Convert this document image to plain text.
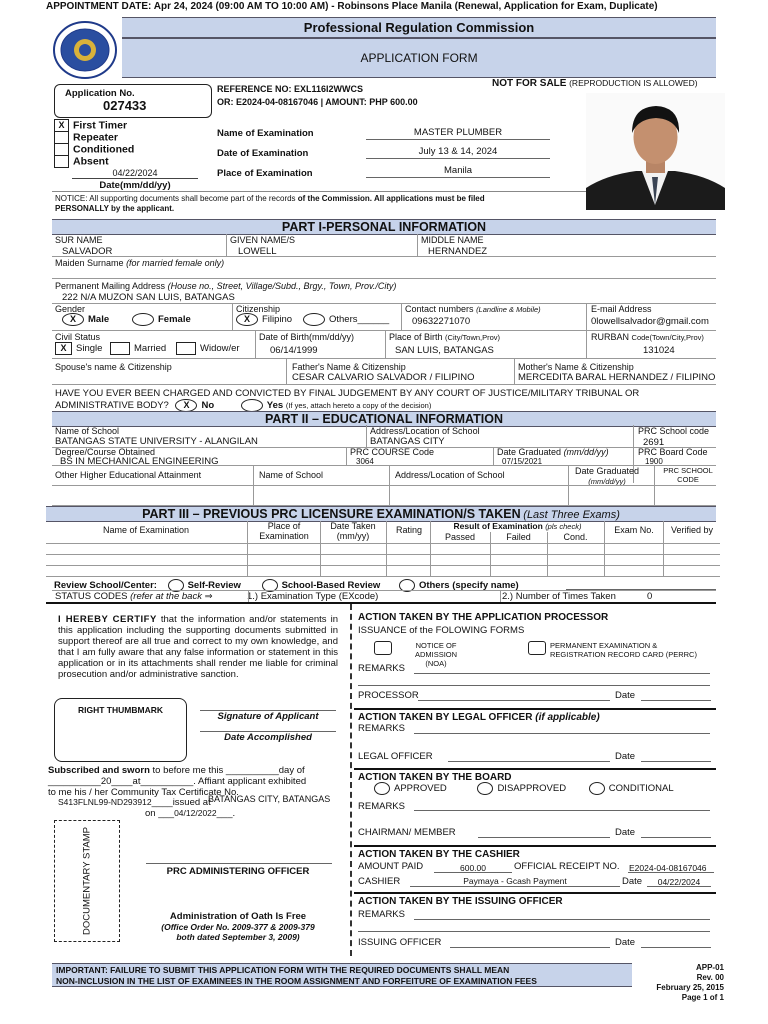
APPOINTMENT DATE: Apr 24, 2024 (09:00 AM TO 10:00 AM) - Robinsons Place Manila (Renewal, Application for Exam, Duplicate)
Professional Regulation Commission
APPLICATION FORM
Application No.
027433
REFERENCE NO: EXL116I2WWCS
OR: E2024-04-08167046 | AMOUNT: PHP 600.00
NOT FOR SALE (REPRODUCTION IS ALLOWED)
X First Timer
Repeater
Conditioned
Absent
04/22/2024
Date(mm/dd/yy)
Name of Examination	MASTER PLUMBER
Date of Examination	July 13 & 14, 2024
Place of Examination	Manila
NOTICE: All supporting documents shall become part of the records of the Commission. All applications must be filed
PERSONALLY by the applicant.
PART I-PERSONAL INFORMATION
SUR NAME
SALVADOR
GIVEN NAME/S
LOWELL
MIDDLE NAME
HERNANDEZ
Maiden Surname (for married female only)
Permanent Mailing Address (House no., Street, Village/Subd., Brgy., Town, Prov./City)
222 N/A MUZON SAN LUIS, BATANGAS
Gender
X Male	Female
Citizenship
X Filipino	Others______
Contact numbers (Landline & Mobile)
09632271070
E-mail Address
0lowellsalvador@gmail.com
Civil Status
X Single	Married	Widow/er
Date of Birth(mm/dd/yy)
06/14/1999
Place of Birth (City/Town,Prov)
SAN LUIS, BATANGAS
RURBAN Code(Town/City,Prov)
131024
Spouse's name & Citizenship	Father's Name & Citizenship
CESAR CALVARIO SALVADOR / FILIPINO
Mother's Name & Citizenship
MERCEDITA BARAL HERNANDEZ / FILIPINO
HAVE YOU EVER BEEN CHARGED AND CONVICTED BY FINAL JUDGEMENT BY ANY COURT OF JUSTICE/MILITARY TRIBUNAL OR
ADMINISTRATIVE BODY? X No	Yes (If yes, attach hereto a copy of the decision)
PART II – EDUCATIONAL INFORMATION
Name of School
BATANGAS STATE UNIVERSITY - ALANGILAN
Address/Location of School
BATANGAS CITY
PRC School code
2691
Degree/Course Obtained
BS IN MECHANICAL ENGINEERING
PRC COURSE Code
3064
Date Graduated (mm/dd/yy)
07/15/2021
PRC Board Code
1900
Other Higher Educational Attainment	Name of School	Address/Location of School	Date Graduated
(mm/dd/yy)
PRC SCHOOL CODE
PART III – PREVIOUS PRC LICENSURE EXAMINATION/S TAKEN (Last Three Exams)
Name of Examination	Place of Examination
Date Taken (mm/yy)
Rating	Result of Examination (pls check)
Passed	Failed	Cond.
Exam No.	Verified by
Review School/Center:	Self-Review	School-Based Review	Others (specify name)
STATUS CODES (refer at the back ⇒	1.) Examination Type (EXcode)	2.) Number of Times Taken	0
I HEREBY CERTIFY that the information and/or statements in this application including the supporting documents submitted in support thereof are all true and correct to my own knowledge, and that I am fully aware that any false information or statement in this application or in its attachments shall render me liable for criminal prosecution and/or administrative sanction.
RIGHT THUMBMARK
Signature of Applicant
Date Accomplished
Subscribed and sworn to before me this __________day of
__________20____at__________. Affiant applicant exhibited
to me his / her Community Tax Certificate No.
S413FLNL99-ND293912____issued at
BATANGAS CITY, BATANGAS
on ___04/12/2022___.
DOCUMENTARY STAMP	PRC ADMINISTERING OFFICER
Administration of Oath Is Free
(Office Order No. 2009-377 & 2009-379
both dated September 3, 2009)
ACTION TAKEN BY THE APPLICATION PROCESSOR
ISSUANCE of the FOLOWING FORMS
NOTICE OF ADMISSION
(NOA)
PERMANENT EXAMINATION &
REGISTRATION RECORD CARD (PERRC)
REMARKS
PROCESSOR	Date
ACTION TAKEN BY LEGAL OFFICER (if applicable)
REMARKS
LEGAL OFFICER	Date
ACTION TAKEN BY THE BOARD
APPROVED	DISAPPROVED	CONDITIONAL
REMARKS
CHAIRMAN/ MEMBER	Date
ACTION TAKEN BY THE CASHIER
AMOUNT PAID	600.00	OFFICIAL RECEIPT NO. E2024-04-08167046
CASHIER	Paymaya - Gcash Payment	Date	04/22/2024
ACTION TAKEN BY THE ISSUING OFFICER
REMARKS
ISSUING OFFICER	Date
IMPORTANT: FAILURE TO SUBMIT THIS APPLICATION FORM WITH THE REQUIRED DOCUMENTS SHALL MEAN
NON-INCLUSION IN THE LIST OF EXAMINEES IN THE ROOM ASSIGNMENT AND FORFEITURE OF EXAMINATION FEES
APP-01
Rev. 00
February 25, 2015
Page 1 of 1
